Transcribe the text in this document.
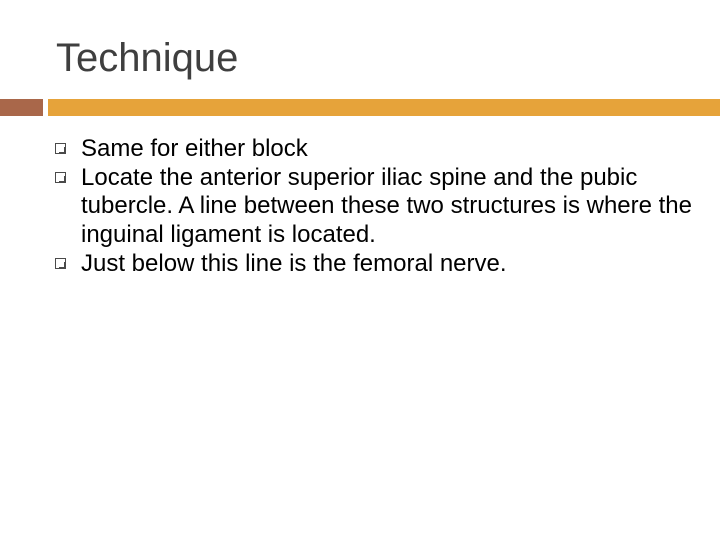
Technique
Same for either block
Locate the anterior superior iliac spine and the pubic tubercle. A line between these two structures is where the inguinal ligament is located.
Just below this line is the femoral nerve.
